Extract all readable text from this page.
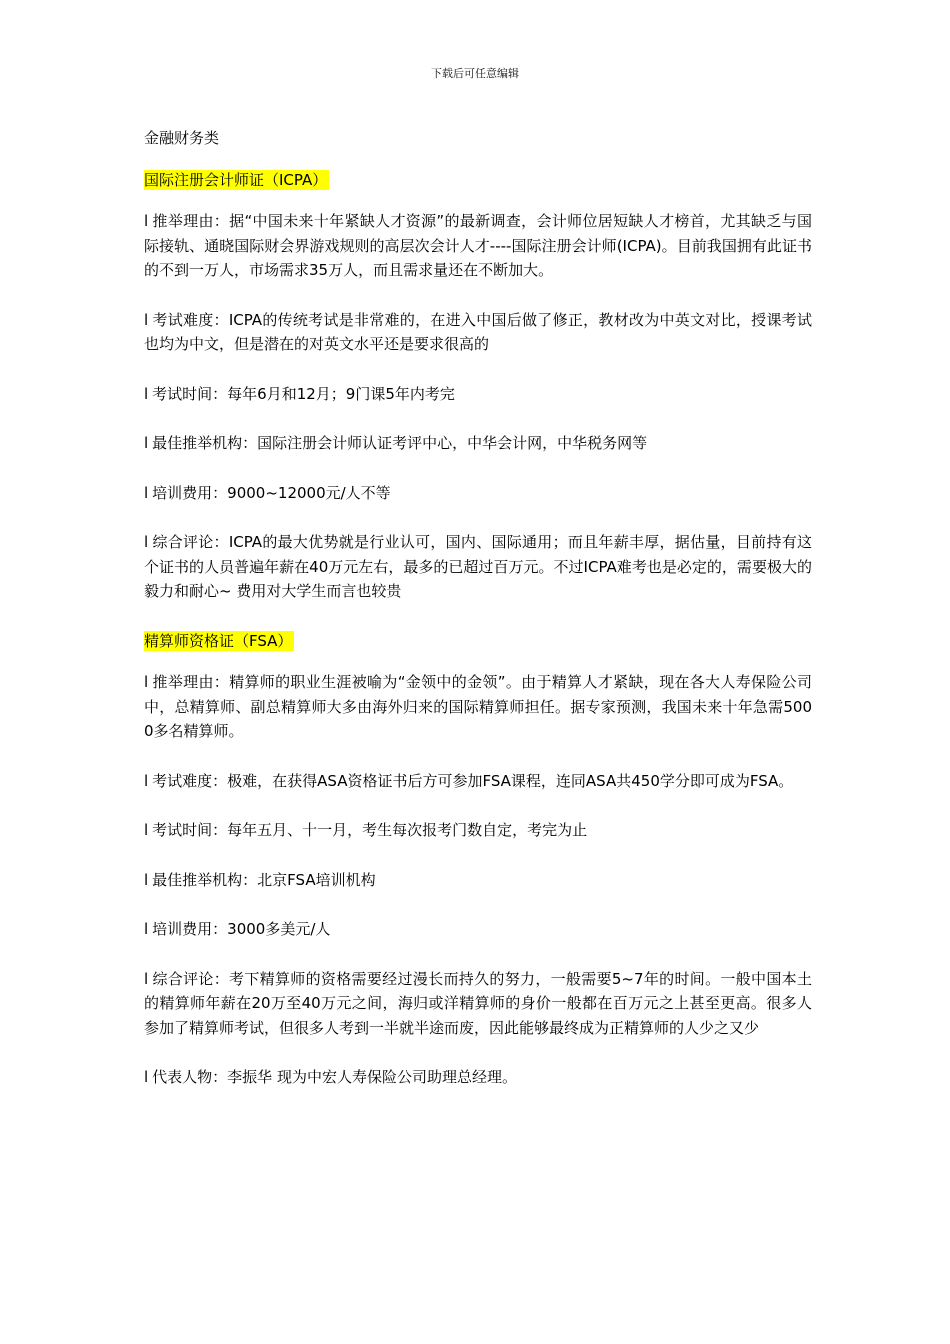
下载后可任意编辑
金融财务类
国际注册会计师证（ICPA）
l 推举理由：据“中国未来十年紧缺人才资源”的最新调查，会计师位居短缺人才榜首，尤其缺乏与国际接轨、通晓国际财会界游戏规则的高层次会计人才----国际注册会计师(ICPA)。目前我国拥有此证书的不到一万人，市场需求35万人，而且需求量还在不断加大。
l 考试难度：ICPA的传统考试是非常难的，在进入中国后做了修正，教材改为中英文对比，授课考试也均为中文，但是潜在的对英文水平还是要求很高的
l 考试时间：每年6月和12月；9门课5年内考完
l 最佳推举机构：国际注册会计师认证考评中心，中华会计网，中华税务网等
l 培训费用：9000~12000元/人不等
l 综合评论：ICPA的最大优势就是行业认可，国内、国际通用；而且年薪丰厚，据估量，目前持有这个证书的人员普遍年薪在40万元左右，最多的已超过百万元。不过ICPA难考也是必定的，需要极大的毅力和耐心~ 费用对大学生而言也较贵
精算师资格证（FSA）
l 推举理由：精算师的职业生涯被喻为“金领中的金领”。由于精算人才紧缺，现在各大人寿保险公司中，总精算师、副总精算师大多由海外归来的国际精算师担任。据专家预测，我国未来十年急需5000多名精算师。
l 考试难度：极难，在获得ASA资格证书后方可参加FSA课程，连同ASA共450学分即可成为FSA。
l 考试时间：每年五月、十一月，考生每次报考门数自定，考完为止
l 最佳推举机构：北京FSA培训机构
l 培训费用：3000多美元/人
l 综合评论：考下精算师的资格需要经过漫长而持久的努力，一般需要5~7年的时间。一般中国本土的精算师年薪在20万至40万元之间，海归或洋精算师的身价一般都在百万元之上甚至更高。很多人参加了精算师考试，但很多人考到一半就半途而废，因此能够最终成为正精算师的人少之又少
l 代表人物：李振华 现为中宏人寿保险公司助理总经理。
